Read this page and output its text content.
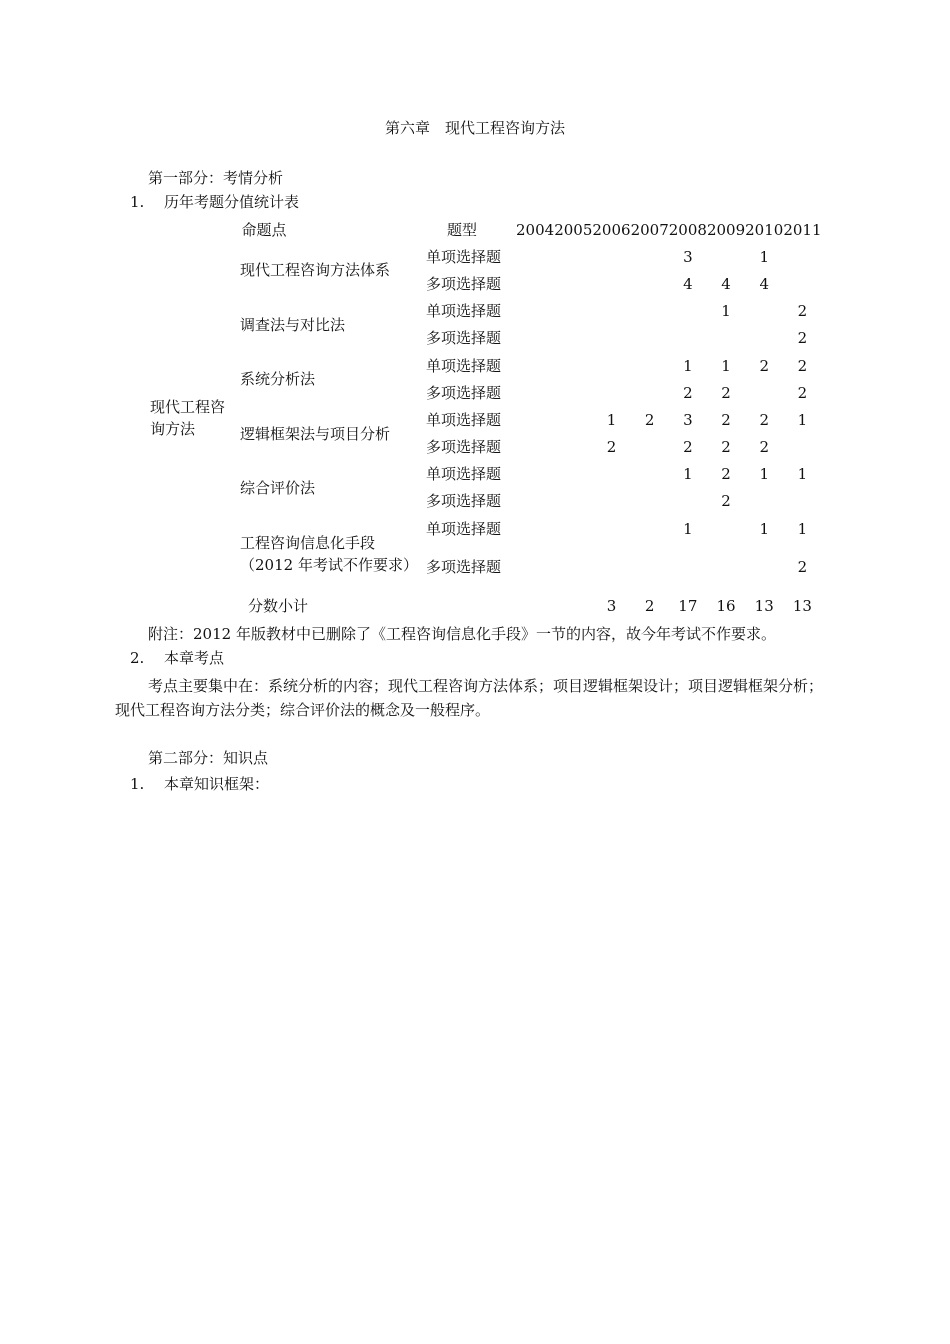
第六章　现代工程咨询方法
第一部分：考情分析
1. 历年考题分值统计表
命题点		题型	2004	2005	2006	2007	2008	2009	2010	2011
现代工程咨询方法	现代工程咨询方法体系	单项选择题					3		1	
		多项选择题					4	4	4	
	调查法与对比法	单项选择题						1		2
		多项选择题								2
	系统分析法	单项选择题					1	1	2	2
		多项选择题					2	2		2
	逻辑框架法与项目分析	单项选择题			1	2	3	2	2	1
		多项选择题			2		2	2	2	
	综合评价法	单项选择题					1	2	1	1
		多项选择题						2		
	工程咨询信息化手段（2012 年考试不作要求）	单项选择题					1		1	1
		多项选择题								2
	分数小计				3	2	17	16	13	13
附注：2012 年版教材中已删除了《工程咨询信息化手段》一节的内容，故今年考试不作要求。
2. 本章考点
考点主要集中在：系统分析的内容；现代工程咨询方法体系；项目逻辑框架设计；项目逻辑框架分析；现代工程咨询方法分类；综合评价法的概念及一般程序。
第二部分：知识点
1. 本章知识框架：
